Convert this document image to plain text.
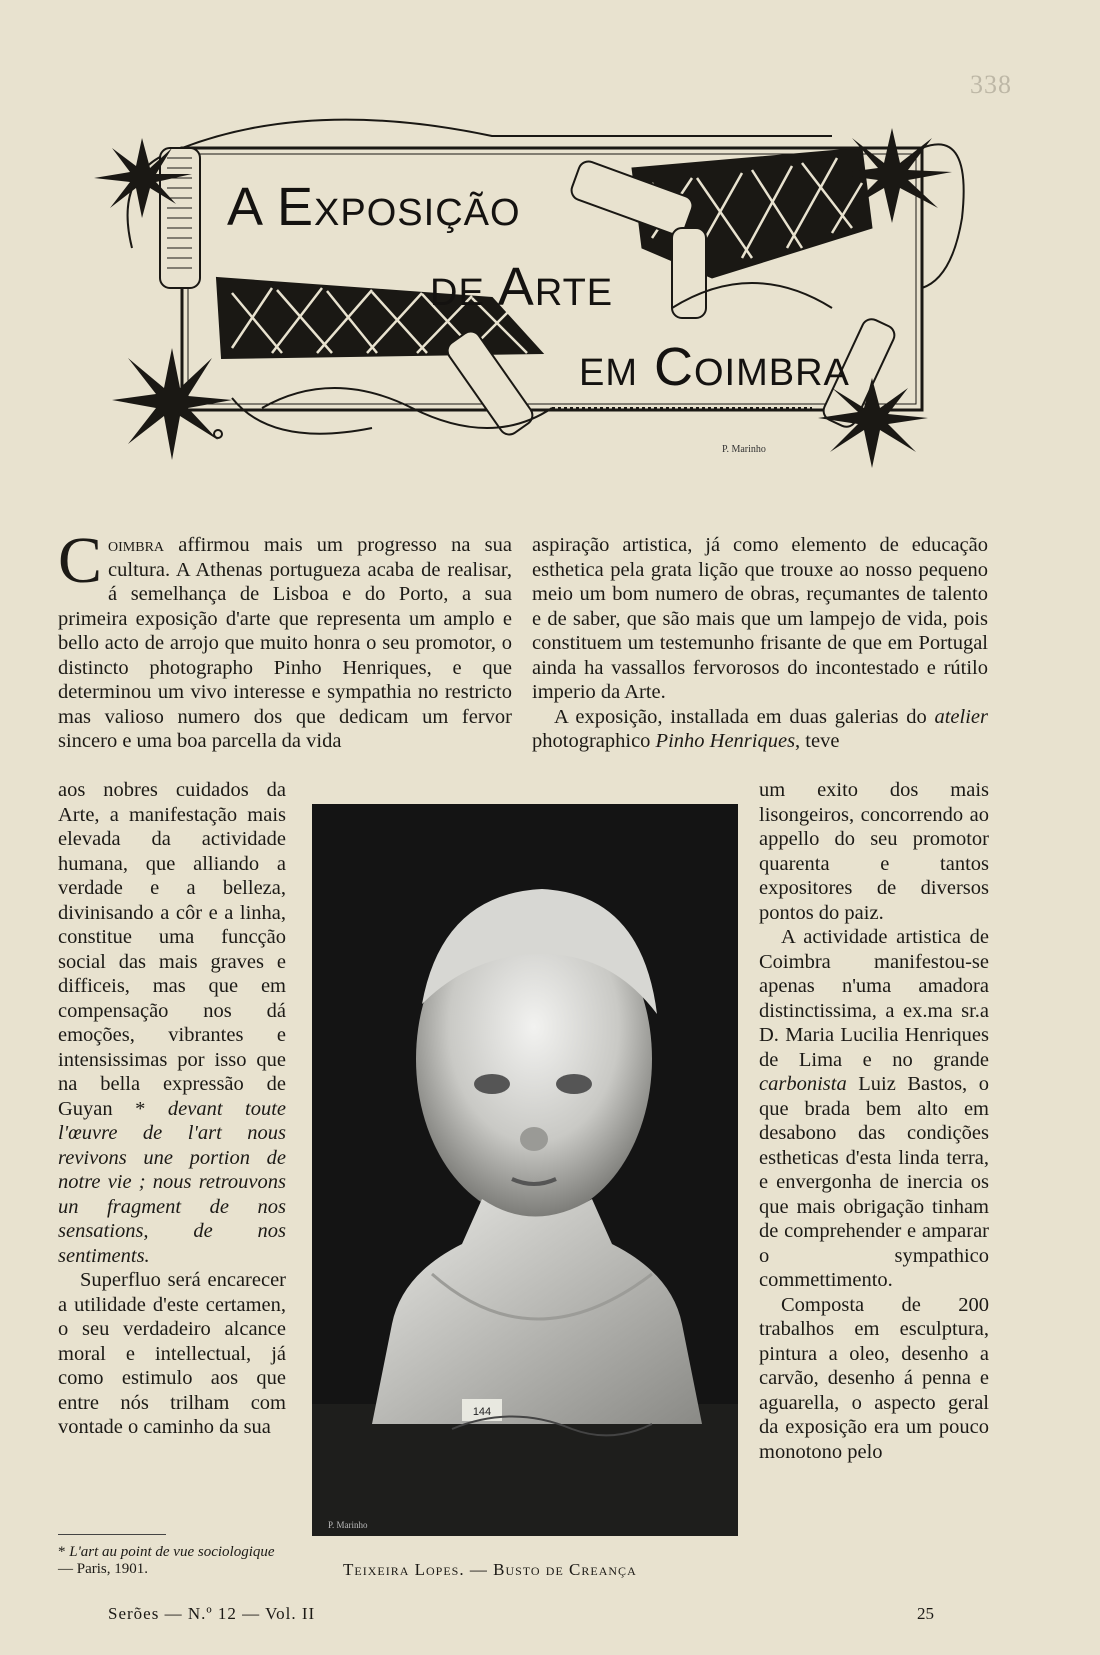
338
A Exposição
de Arte
em Coimbra
P. Marinho

Coimbra affirmou mais um progresso na sua cultura. A Athenas portugueza acaba de realisar, á semelhança de Lisboa e do Porto, a sua primeira exposição d'arte que representa um amplo e bello acto de arrojo que muito honra o seu promotor, o distincto photographo Pinho Henriques, e que determinou um vivo interesse e sympathia no restricto mas valioso numero dos que dedicam um fervor sincero e uma boa parcella da vida

aspiração artistica, já como elemento de educação esthetica pela grata lição que trouxe ao nosso pequeno meio um bom numero de obras, reçumantes de talento e de saber, que são mais que um lampejo de vida, pois constituem um testemunho frisante de que em Portugal ainda ha vassallos fervorosos do incontestado e rútilo imperio da Arte.

A exposição, installada em duas galerias do atelier photographico Pinho Henriques, teve

aos nobres cuidados da Arte, a manifestação mais elevada da actividade humana, que alliando a verdade e a belleza, divinisando a côr e a linha, constitue uma funcção social das mais graves e difficeis, mas que em compensação nos dá emoções, vibrantes e intensissimas por isso que na bella expressão de Guyan * devant toute l'œuvre de l'art nous revivons une portion de notre vie ; nous retrouvons un fragment de nos sensations, de nos sentiments.

Superfluo será encarecer a utilidade d'este certamen, o seu verdadeiro alcance moral e intellectual, já como estimulo aos que entre nós trilham com vontade o caminho da sua

144
P. Marinho

um exito dos mais lisongeiros, concorrendo ao appello do seu promotor quarenta e tantos expositores de diversos pontos do paiz.

A actividade artistica de Coimbra manifestou-se apenas n'uma amadora distinctissima, a ex.ma sr.a D. Maria Lucilia Henriques de Lima e no grande carbonista Luiz Bastos, o que brada bem alto em desabono das condições estheticas d'esta linda terra, e envergonha de inercia os que mais obrigação tinham de comprehender e amparar o sympathico commettimento.

Composta de 200 trabalhos em esculptura, pintura a oleo, desenho a carvão, desenho á penna e aguarella, o aspecto geral da exposição era um pouco monotono pelo

* L'art au point de vue sociologique — Paris, 1901.	Teixeira Lopes. — Busto de Creança
Serões — N.º 12 — Vol. II	25
